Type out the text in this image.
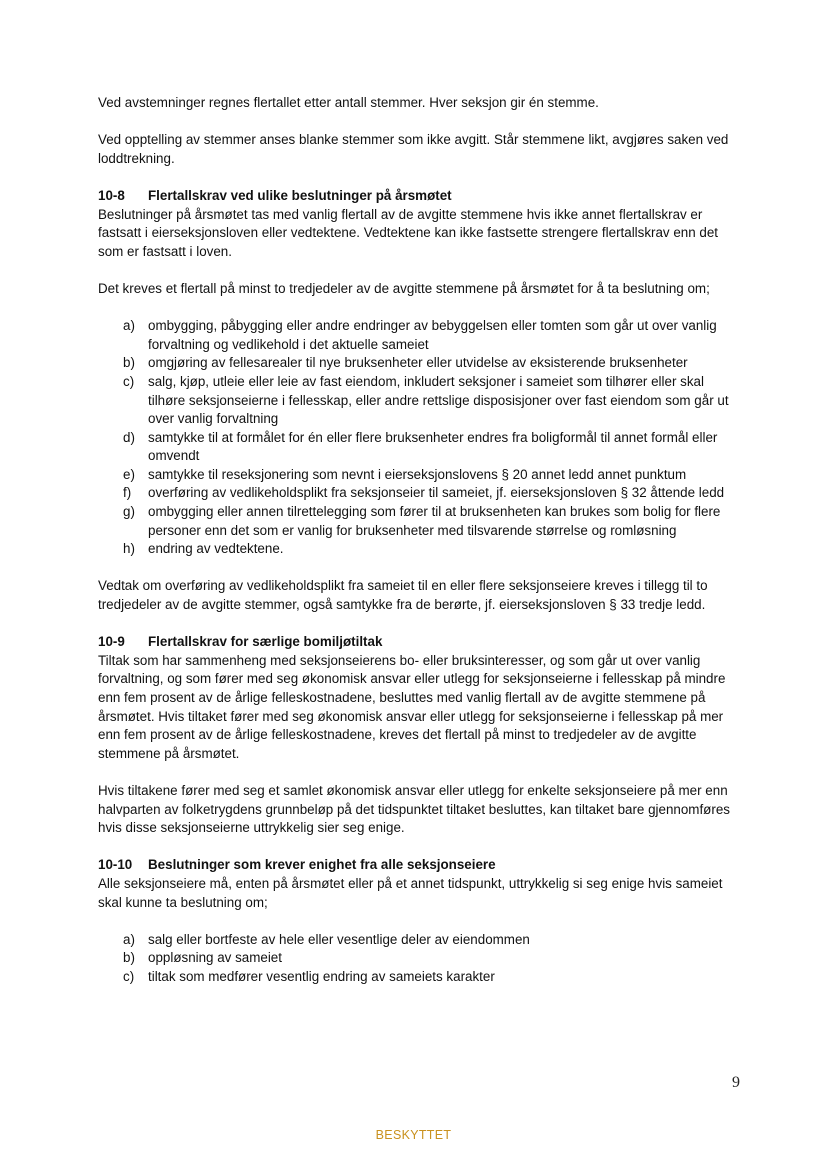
Ved avstemninger regnes flertallet etter antall stemmer. Hver seksjon gir én stemme.

Ved opptelling av stemmer anses blanke stemmer som ikke avgitt. Står stemmene likt, avgjøres saken ved loddtrekning.

10-8	Flertallskrav ved ulike beslutninger på årsmøtet

Beslutninger på årsmøtet tas med vanlig flertall av de avgitte stemmene hvis ikke annet flertallskrav er fastsatt i eierseksjonsloven eller vedtektene. Vedtektene kan ikke fastsette strengere flertallskrav enn det som er fastsatt i loven.

Det kreves et flertall på minst to tredjedeler av de avgitte stemmene på årsmøtet for å ta beslutning om;

a) ombygging, påbygging eller andre endringer av bebyggelsen eller tomten som går ut over vanlig forvaltning og vedlikehold i det aktuelle sameiet
b) omgjøring av fellesarealer til nye bruksenheter eller utvidelse av eksisterende bruksenheter
c)	salg, kjøp, utleie eller leie av fast eiendom, inkludert seksjoner i sameiet som tilhører eller skal tilhøre seksjonseierne i fellesskap, eller andre rettslige disposisjoner over fast eiendom som går ut over vanlig forvaltning
d) samtykke til at formålet for én eller flere bruksenheter endres fra boligformål til annet formål eller omvendt
e) samtykke til reseksjonering som nevnt i eierseksjonslovens § 20 annet ledd annet punktum
f)	overføring av vedlikeholdsplikt fra seksjonseier til sameiet, jf. eierseksjonsloven § 32 åttende ledd
g) ombygging eller annen tilrettelegging som fører til at bruksenheten kan brukes som bolig for flere personer enn det som er vanlig for bruksenheter med tilsvarende størrelse og romløsning
h) endring av vedtektene.

Vedtak om overføring av vedlikeholdsplikt fra sameiet til en eller flere seksjonseiere kreves i tillegg til to tredjedeler av de avgitte stemmer, også samtykke fra de berørte, jf. eierseksjonsloven § 33 tredje ledd.

10-9	Flertallskrav for særlige bomiljøtiltak

Tiltak som har sammenheng med seksjonseierens bo- eller bruksinteresser, og som går ut over vanlig forvaltning, og som fører med seg økonomisk ansvar eller utlegg for seksjonseierne i fellesskap på mindre enn fem prosent av de årlige felleskostnadene, besluttes med vanlig flertall av de avgitte stemmene på årsmøtet. Hvis tiltaket fører med seg økonomisk ansvar eller utlegg for seksjonseierne i fellesskap på mer enn fem prosent av de årlige felleskostnadene, kreves det flertall på minst to tredjedeler av de avgitte stemmene på årsmøtet.

Hvis tiltakene fører med seg et samlet økonomisk ansvar eller utlegg for enkelte seksjonseiere på mer enn halvparten av folketrygdens grunnbeløp på det tidspunktet tiltaket besluttes, kan tiltaket bare gjennomføres hvis disse seksjonseierne uttrykkelig sier seg enige.

10-10	Beslutninger som krever enighet fra alle seksjonseiere

Alle seksjonseiere må, enten på årsmøtet eller på et annet tidspunkt, uttrykkelig si seg enige hvis sameiet skal kunne ta beslutning om;

a) salg eller bortfeste av hele eller vesentlige deler av eiendommen
b) oppløsning av sameiet
c)	tiltak som medfører vesentlig endring av sameiets karakter
9
BESKYTTET
